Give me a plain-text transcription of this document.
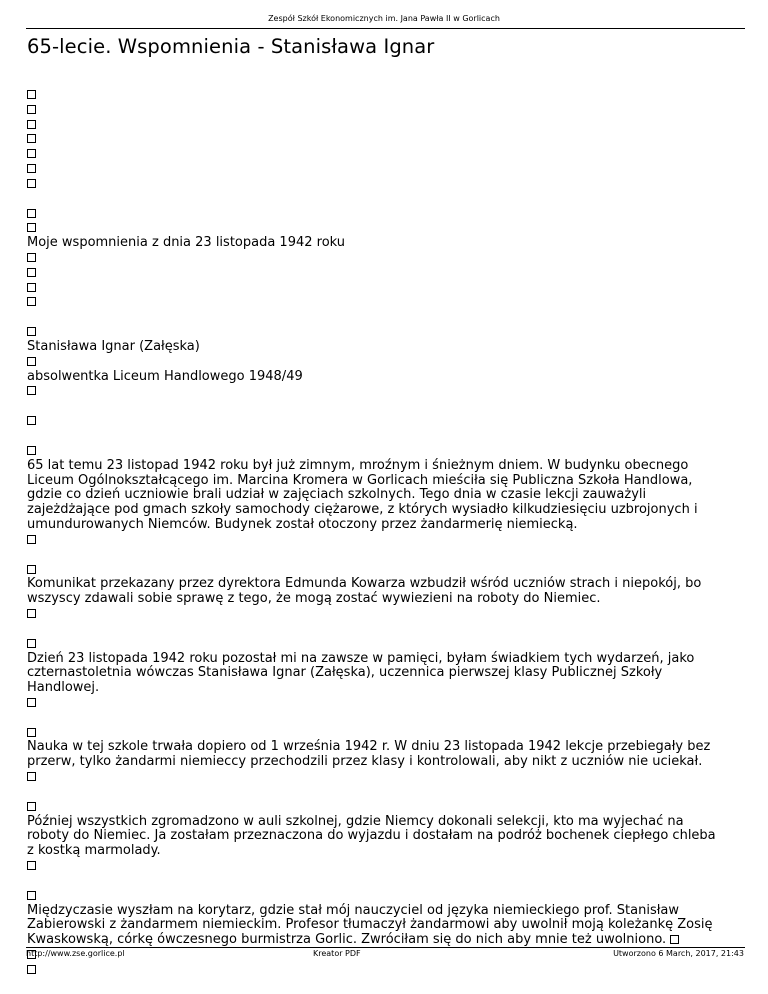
Zespół Szkół Ekonomicznych im. Jana Pawła II w Gorlicach
65-lecie. Wspomnienia - Stanisława Ignar
Moje wspomnienia z dnia 23 listopada 1942 roku
Stanisława Ignar (Załęska)
absolwentka Liceum Handlowego 1948/49
65 lat temu 23 listopad 1942 roku był już zimnym, mroźnym i śnieżnym dniem. W budynku obecnego
Liceum Ogólnokształcącego im. Marcina Kromera w Gorlicach mieściła się Publiczna Szkoła Handlowa,
gdzie co dzień uczniowie brali udział w zajęciach szkolnych. Tego dnia w czasie lekcji zauważyli
zajeżdżające pod gmach szkoły samochody ciężarowe, z których wysiadło kilkudziesięciu uzbrojonych i
umundurowanych Niemców. Budynek został otoczony przez żandarmerię niemiecką.
Komunikat przekazany przez dyrektora Edmunda Kowarza wzbudził wśród uczniów strach i niepokój, bo
wszyscy zdawali sobie sprawę z tego, że mogą zostać wywiezieni na roboty do Niemiec.
Dzień 23 listopada 1942 roku pozostał mi na zawsze w pamięci, byłam świadkiem tych wydarzeń, jako
czternastoletnia wówczas Stanisława Ignar (Załęska), uczennica pierwszej klasy Publicznej Szkoły
Handlowej.
Nauka w tej szkole trwała dopiero od 1 września 1942 r. W dniu 23 listopada 1942 lekcje przebiegały bez
przerw, tylko żandarmi niemieccy przechodzili przez klasy i kontrolowali, aby nikt z uczniów nie uciekał.
Później wszystkich zgromadzono w auli szkolnej, gdzie Niemcy dokonali selekcji, kto ma wyjechać na
roboty do Niemiec. Ja zostałam przeznaczona do wyjazdu i dostałam na podróż bochenek ciepłego chleba
z kostką marmolady.
Międzyczasie wyszłam na korytarz, gdzie stał mój nauczyciel od języka niemieckiego prof. Stanisław
Zabierowski z żandarmem niemieckim. Profesor tłumaczył żandarmowi aby uwolnił moją koleżankę Zosię
Kwaskowską, córkę ówczesnego burmistrza Gorlic. Zwróciłam się do nich aby mnie też uwolniono.
http://www.zse.gorlice.pl	Kreator PDF	Utworzono 6 March, 2017, 21:43
